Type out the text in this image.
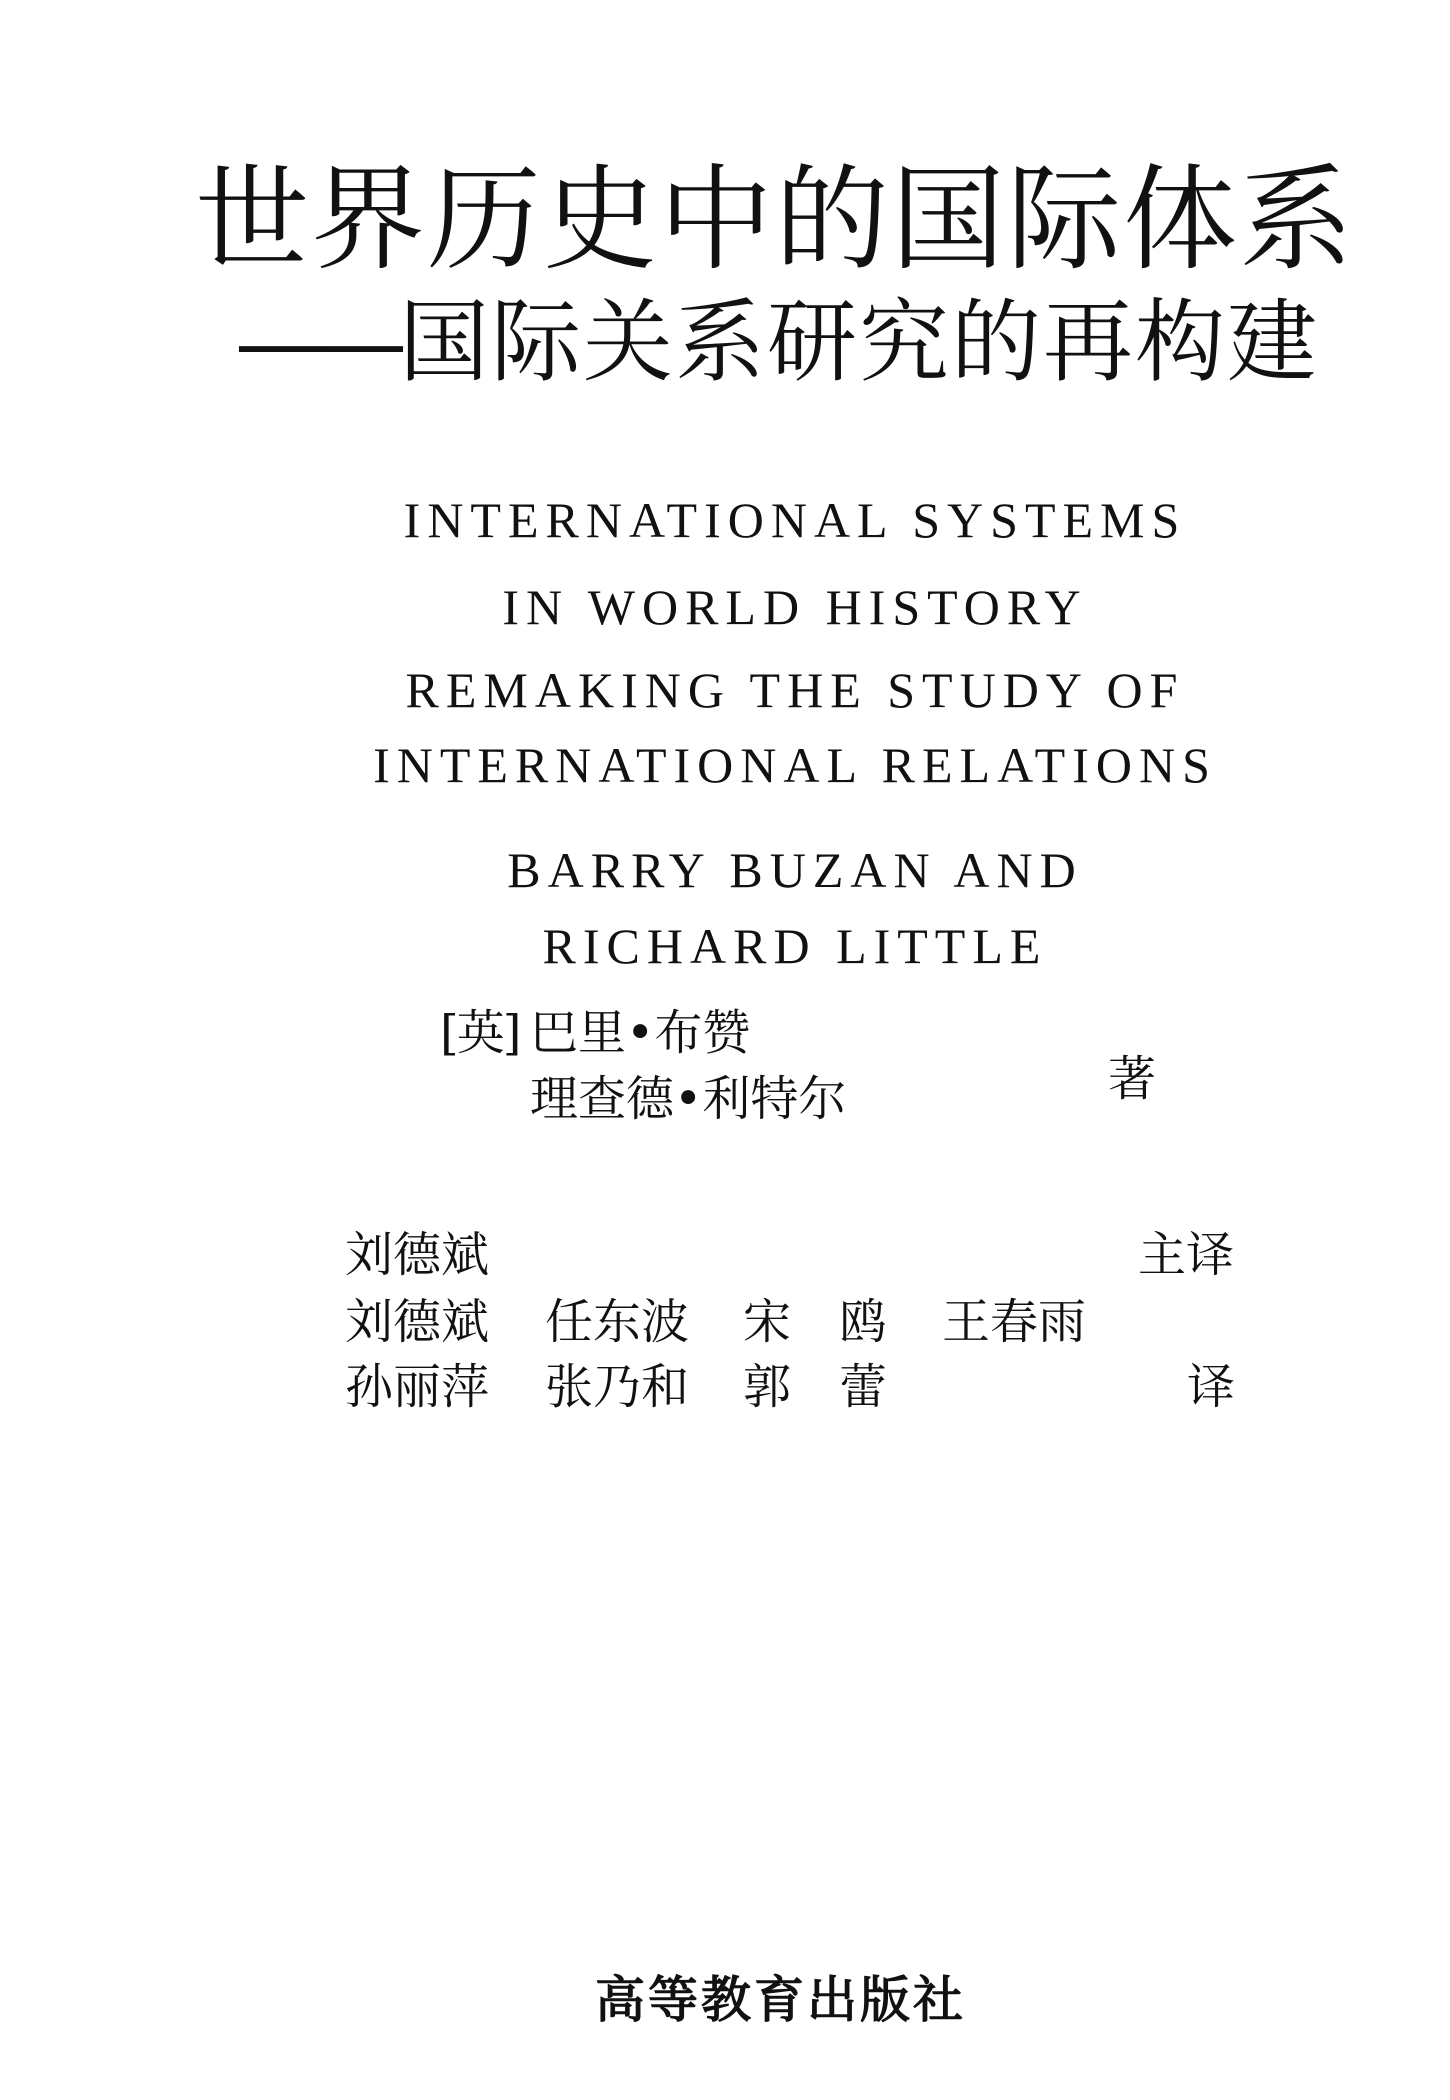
世界历史中的国际体系
——国际关系研究的再构建
INTERNATIONAL SYSTEMS
IN WORLD HISTORY
REMAKING THE STUDY OF
INTERNATIONAL RELATIONS
BARRY BUZAN AND
RICHARD LITTLE
[英] 巴里•布赞
理查德•利特尔	著
刘德斌	主译
刘德斌 任东波 宋　鸥 王春雨
孙丽萍 张乃和 郭　蕾	译
高等教育出版社
